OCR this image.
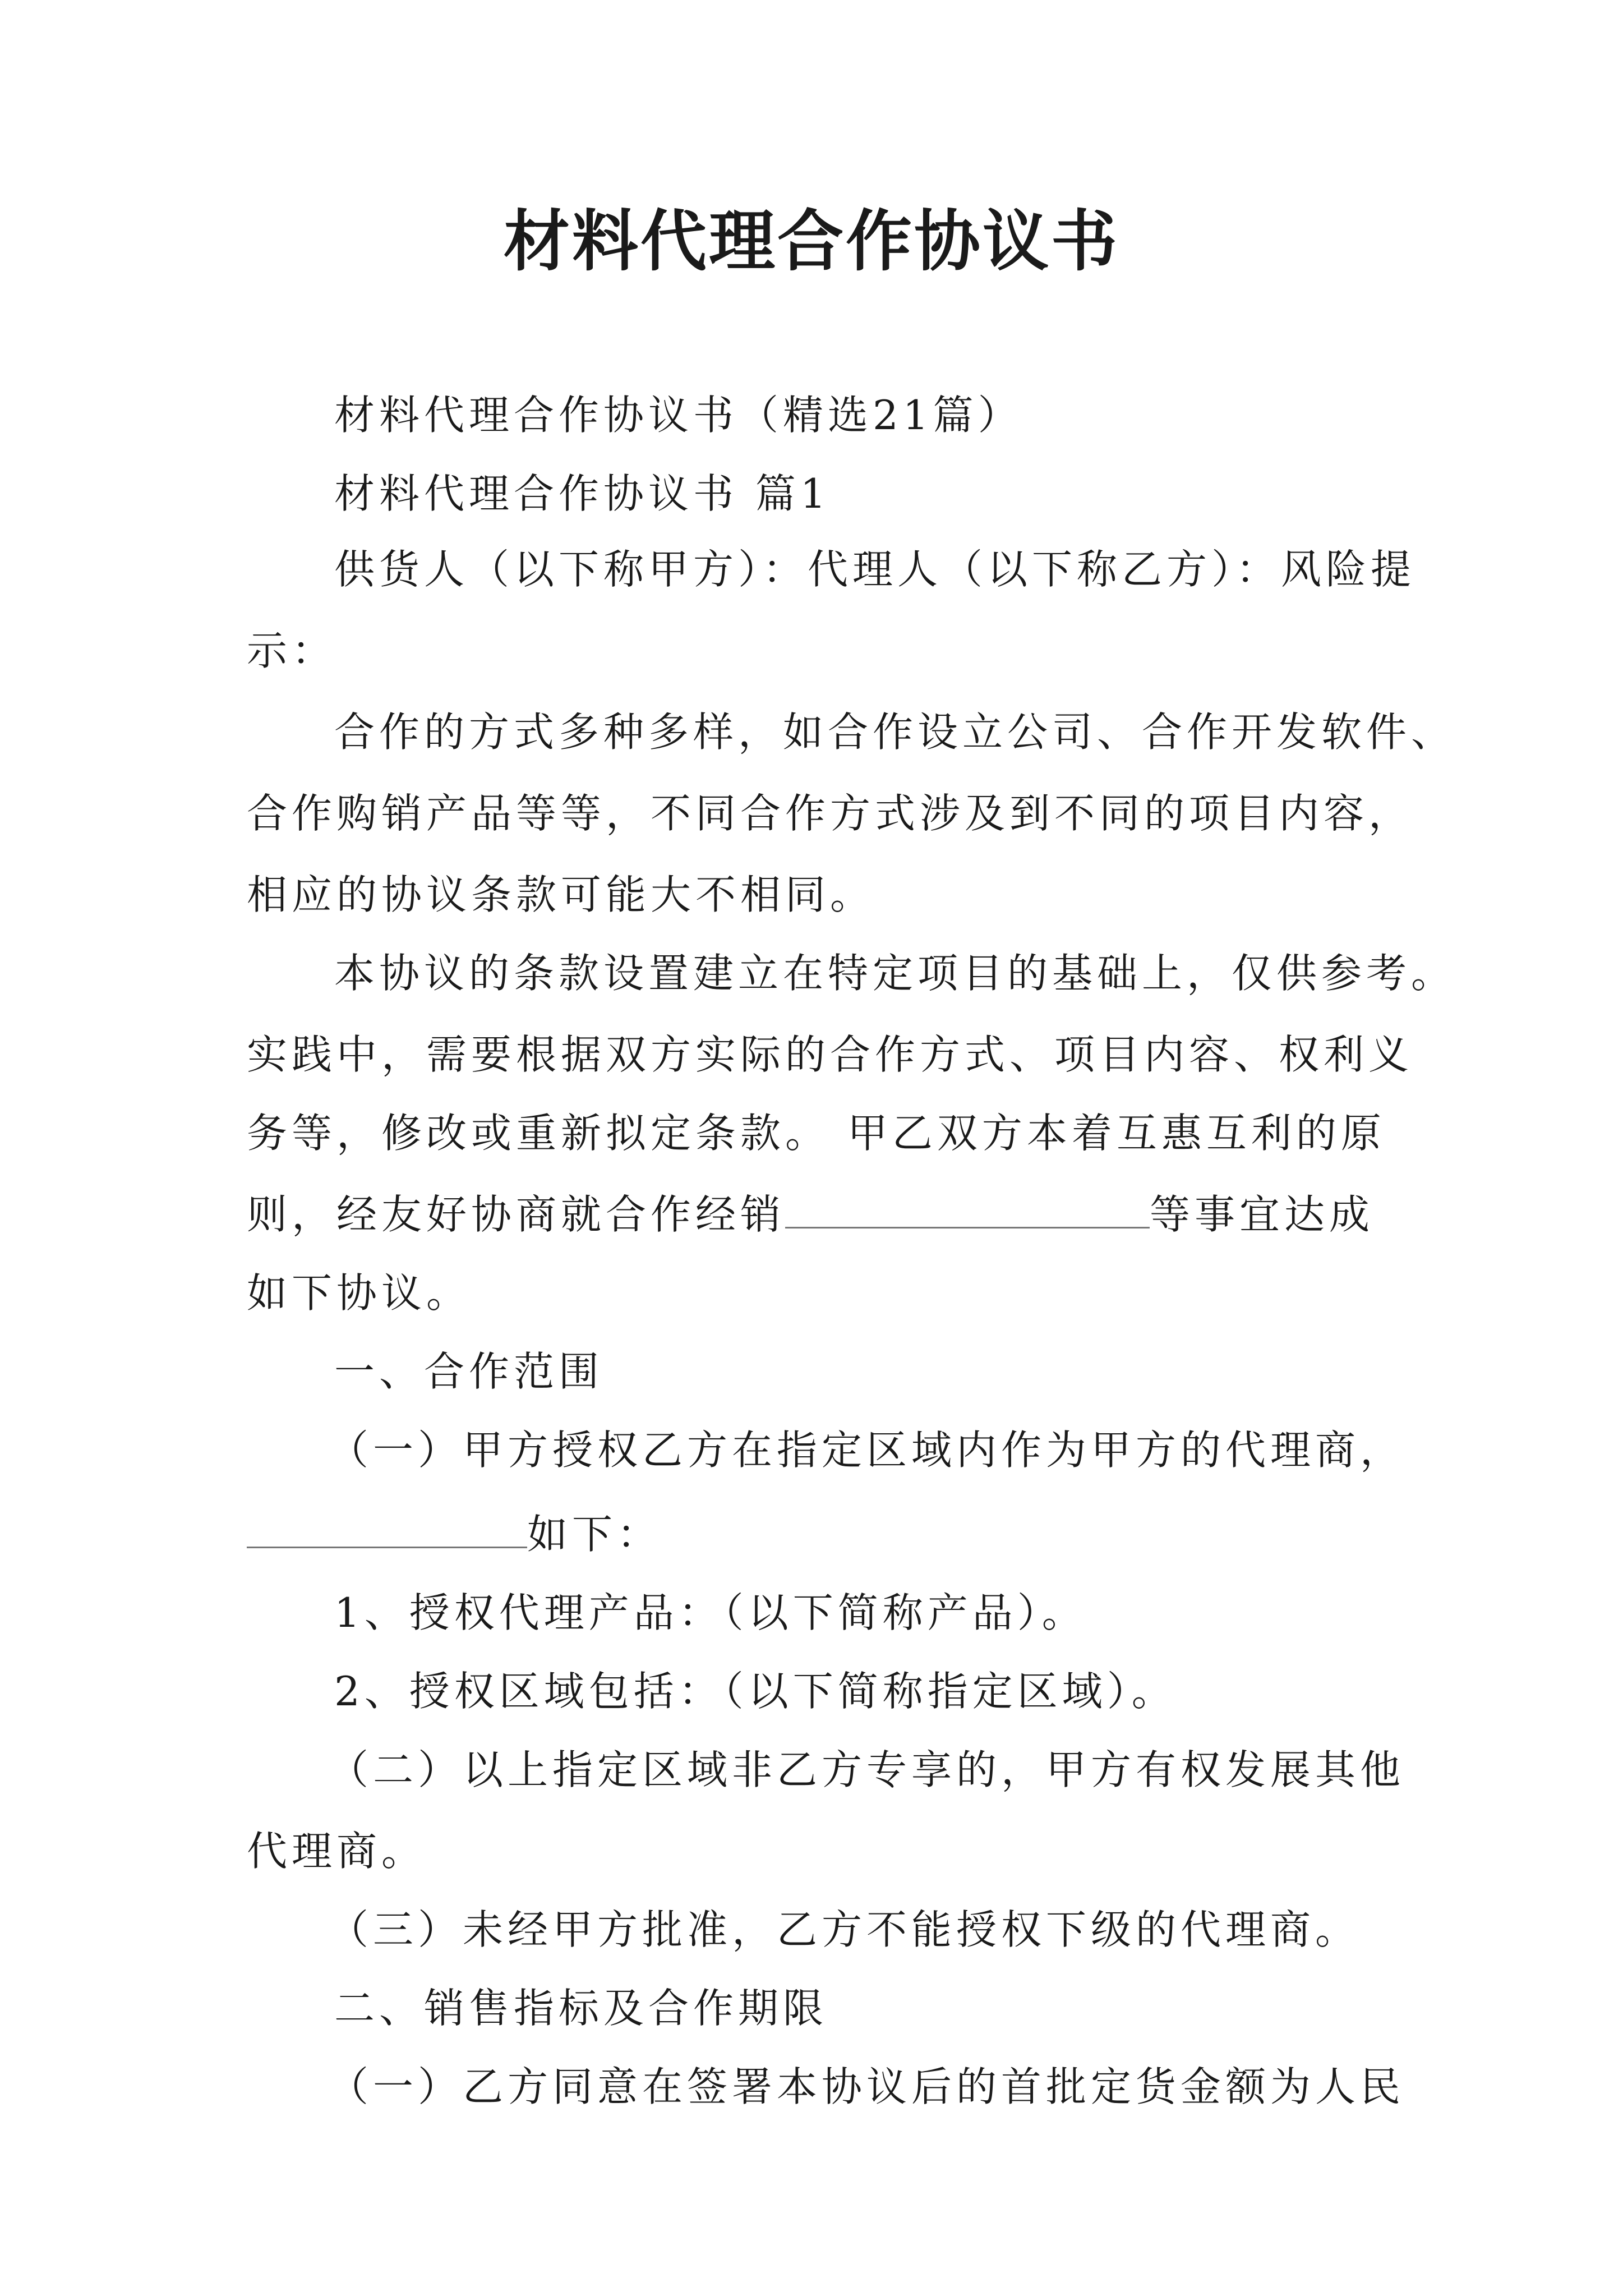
材料代理合作协议书
材料代理合作协议书（精选21篇）
材料代理合作协议书 篇1
供货人（以下称甲方）：代理人（以下称乙方）：风险提
示：
合作的方式多种多样，如合作设立公司、合作开发软件、
合作购销产品等等，不同合作方式涉及到不同的项目内容，
相应的协议条款可能大不相同。
本协议的条款设置建立在特定项目的基础上，仅供参考。
实践中，需要根据双方实际的合作方式、项目内容、权利义
务等，修改或重新拟定条款。 甲乙双方本着互惠互利的原
则，经友好协商就合作经销	等事宜达成
如下协议。
一、合作范围
（一）甲方授权乙方在指定区域内作为甲方的代理商，
如下：
1、授权代理产品：（以下简称产品）。
2、授权区域包括：（以下简称指定区域）。
（二）以上指定区域非乙方专享的，甲方有权发展其他
代理商。
（三）未经甲方批准，乙方不能授权下级的代理商。
二、销售指标及合作期限
（一）乙方同意在签署本协议后的首批定货金额为人民
